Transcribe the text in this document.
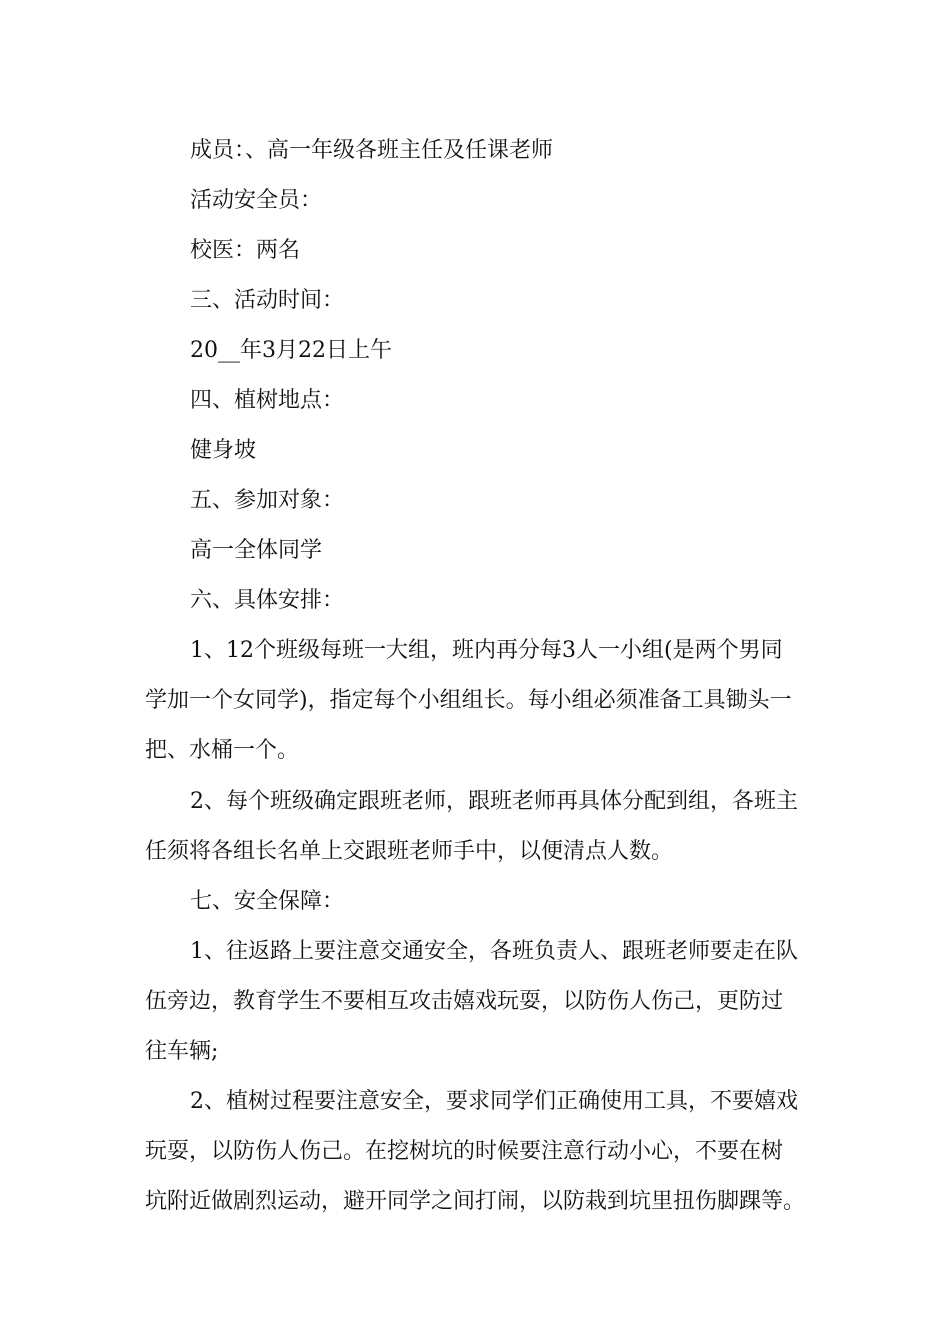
成员：、高一年级各班主任及任课老师
活动安全员：
校医：两名
三、活动时间：
20__年3月22日上午
四、植树地点：
健身坡
五、参加对象：
高一全体同学
六、具体安排：
1、12个班级每班一大组，班内再分每3人一小组(是两个男同
学加一个女同学)，指定每个小组组长。每小组必须准备工具锄头一
把、水桶一个。
2、每个班级确定跟班老师，跟班老师再具体分配到组，各班主
任须将各组长名单上交跟班老师手中，以便清点人数。
七、安全保障：
1、往返路上要注意交通安全，各班负责人、跟班老师要走在队
伍旁边，教育学生不要相互攻击嬉戏玩耍，以防伤人伤己，更防过
往车辆;
2、植树过程要注意安全，要求同学们正确使用工具，不要嬉戏
玩耍，以防伤人伤己。在挖树坑的时候要注意行动小心，不要在树
坑附近做剧烈运动，避开同学之间打闹，以防栽到坑里扭伤脚踝等。
